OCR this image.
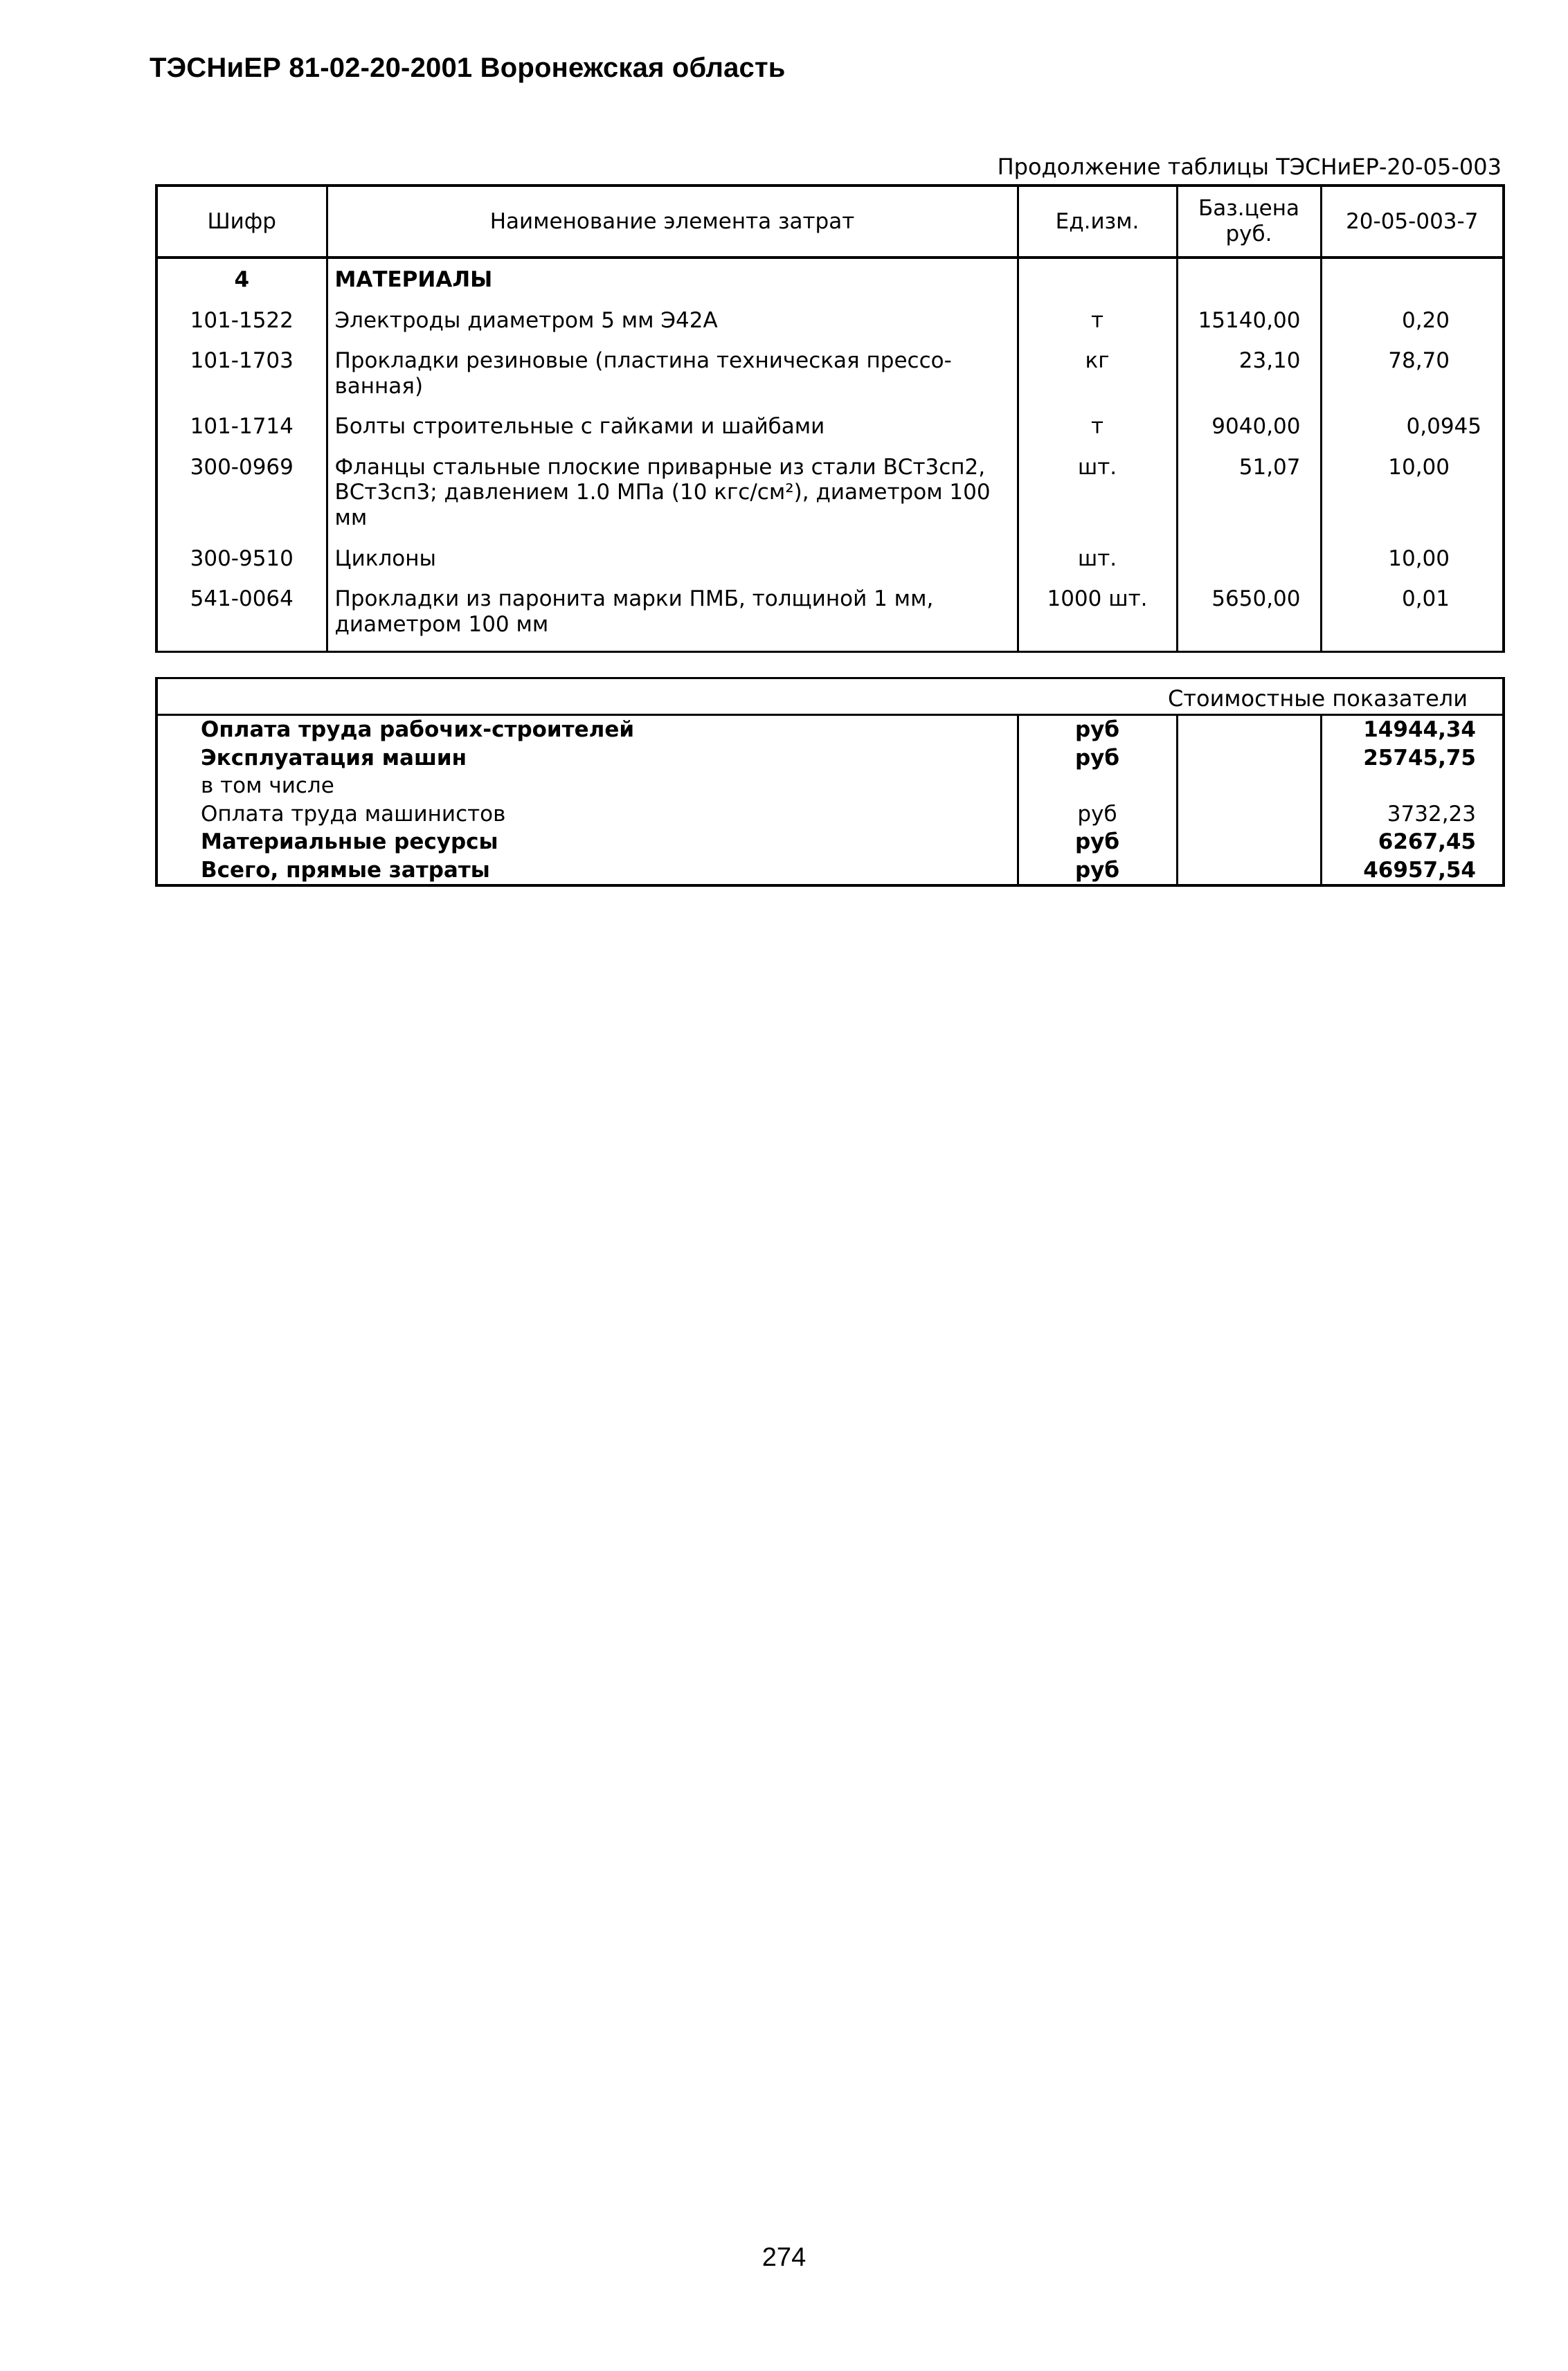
ТЭСНиЕР 81-02-20-2001 Воронежская область
Продолжение таблицы ТЭСНиЕР-20-05-003
Шифр	Наименование элемента затрат	Ед.изм.	Баз.цена руб.	20-05-003-7
4	МАТЕРИАЛЫ			
101-1522	Электроды диаметром 5 мм Э42А	т	15140,00	0,20
101-1703	Прокладки резиновые (пластина техническая прессо-ванная)	кг	23,10	78,70
101-1714	Болты строительные с гайками и шайбами	т	9040,00	0,0945
300-0969	Фланцы стальные плоские приварные из стали ВСт3сп2, ВСт3сп3; давлением 1.0 МПа (10 кгс/см²), диаметром 100 мм	шт.	51,07	10,00
300-9510	Циклоны	шт.		10,00
541-0064	Прокладки из паронита марки ПМБ, толщиной 1 мм, диаметром 100 мм	1000 шт.	5650,00	0,01
Стоимостные показатели			
Оплата труда рабочих-строителей	руб		14944,34
Эксплуатация машин	руб		25745,75
в том числе			
Оплата труда машинистов	руб		3732,23
Материальные ресурсы	руб		6267,45
Всего, прямые затраты	руб		46957,54
274
